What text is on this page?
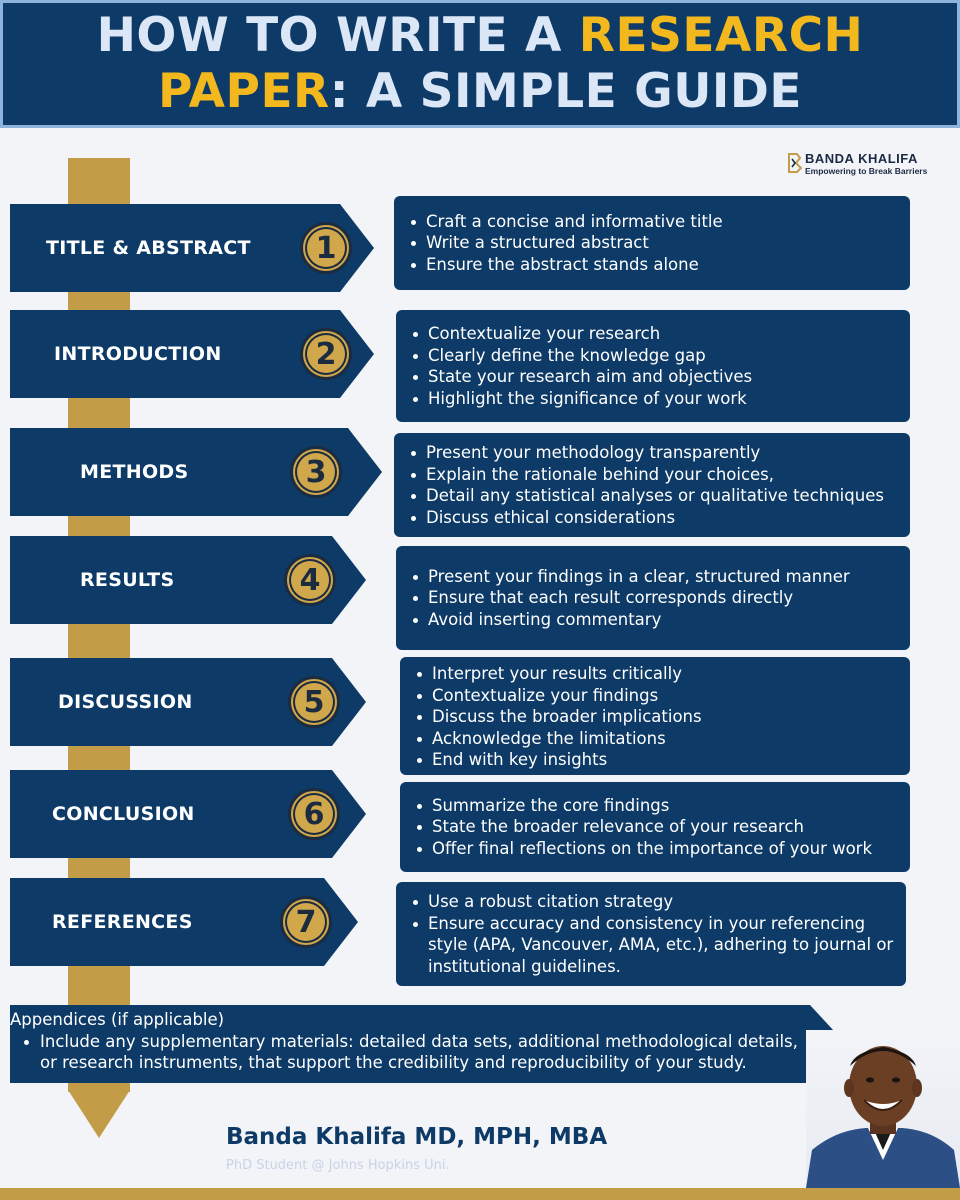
HOW TO WRITE A RESEARCH
PAPER: A SIMPLE GUIDE
BANDA KHALIFA
Empowering to Break Barriers
TITLE & ABSTRACT	1
Craft a concise and informative title
Write a structured abstract
Ensure the abstract stands alone
INTRODUCTION	2
Contextualize your research
Clearly define the knowledge gap
State your research aim and objectives
Highlight the significance of your work
METHODS	3
Present your methodology transparently
Explain the rationale behind your choices,
Detail any statistical analyses or qualitative techniques
Discuss ethical considerations
RESULTS	4	Present your findings in a clear, structured manner
Ensure that each result corresponds directly
Avoid inserting commentary
DISCUSSION	5
Interpret your results critically
Contextualize your findings
Discuss the broader implications
Acknowledge the limitations
End with key insights
CONCLUSION	6	Summarize the core findings
State the broader relevance of your research
Offer final reflections on the importance of your work
REFERENCES	7
Use a robust citation strategy
Ensure accuracy and consistency in your referencing style (APA, Vancouver, AMA, etc.), adhering to journal or institutional guidelines.
Appendices (if applicable)
Include any supplementary materials: detailed data sets, additional methodological details, or research instruments, that support the credibility and reproducibility of your study.
Banda Khalifa MD, MPH, MBA
PhD Student @ Johns Hopkins Uni.
